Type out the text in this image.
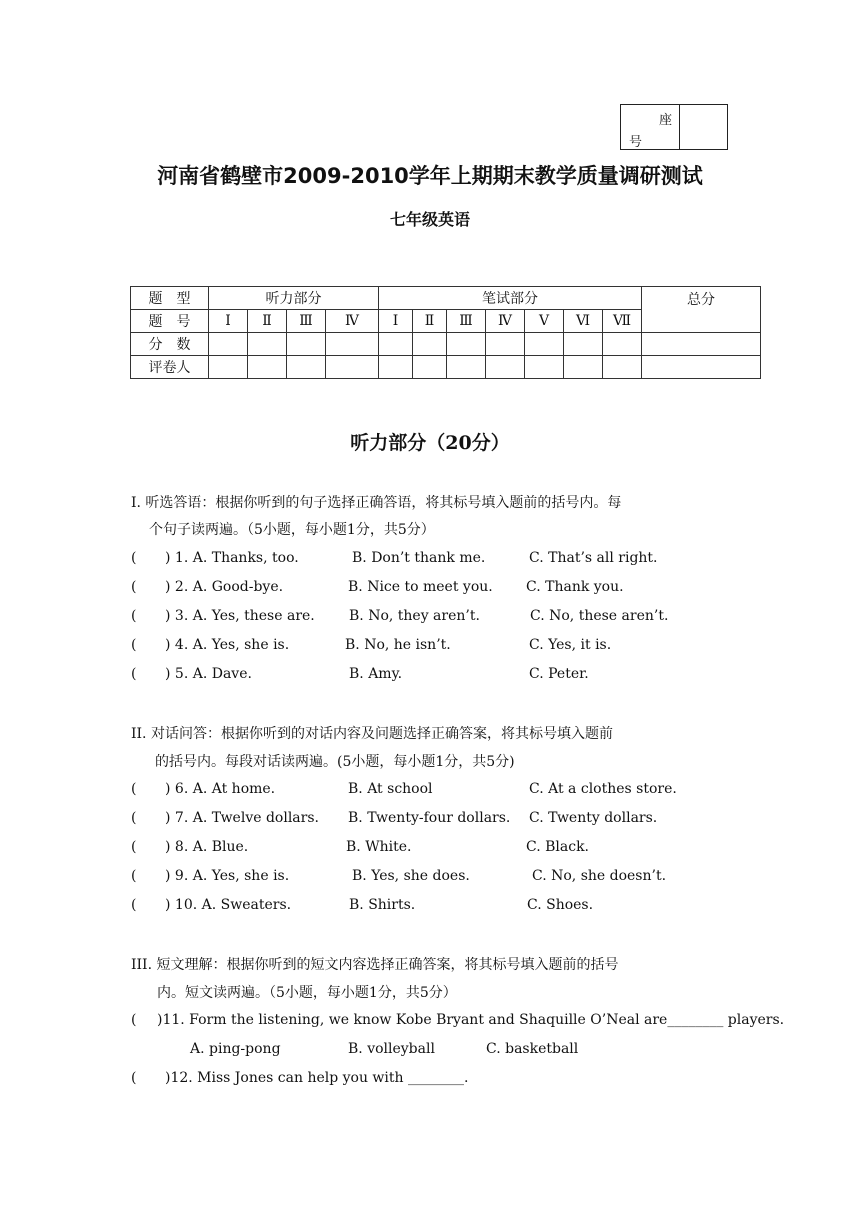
座
号
河南省鹤壁市2009-2010学年上期期末教学质量调研测试
七年级英语
题　型	听力部分				笔试部分							总分
题　号	Ⅰ	Ⅱ	Ⅲ	Ⅳ	Ⅰ	Ⅱ	Ⅲ	Ⅳ	Ⅴ	Ⅵ	Ⅶ	
分　数												
评卷人												
听力部分（20分）
I. 听选答语：根据你听到的句子选择正确答语，将其标号填入题前的括号内。每
个句子读两遍。（5小题，每小题1分，共5分）
( ) 1. A. Thanks, too.	B. Don’t thank me.	C. That’s all right.
( ) 2. A. Good-bye.	B. Nice to meet you. C. Thank you.
( ) 3. A. Yes, these are. B. No, they aren’t.	C. No, these aren’t.
( ) 4. A. Yes, she is.	B. No, he isn’t.	C. Yes, it is.
( ) 5. A. Dave.	B. Amy.	C. Peter.
II. 对话问答：根据你听到的对话内容及问题选择正确答案，将其标号填入题前
的括号内。每段对话读两遍。(5小题，每小题1分，共5分)
( ) 6. A. At home.	B. At school	C. At a clothes store.
( ) 7. A. Twelve dollars. B. Twenty-four dollars. C. Twenty dollars.
( ) 8. A. Blue.	B. White.	C. Black.
( ) 9. A. Yes, she is.	B. Yes, she does.	C. No, she doesn’t.
( ) 10. A. Sweaters.	B. Shirts.	C. Shoes.
III. 短文理解：根据你听到的短文内容选择正确答案，将其标号填入题前的括号
内。短文读两遍。（5小题，每小题1分，共5分）
( )11. Form the listening, we know Kobe Bryant and Shaquille O’Neal are________ players.
A. ping-pong	B. volleyball	C. basketball
( )12. Miss Jones can help you with ________.
